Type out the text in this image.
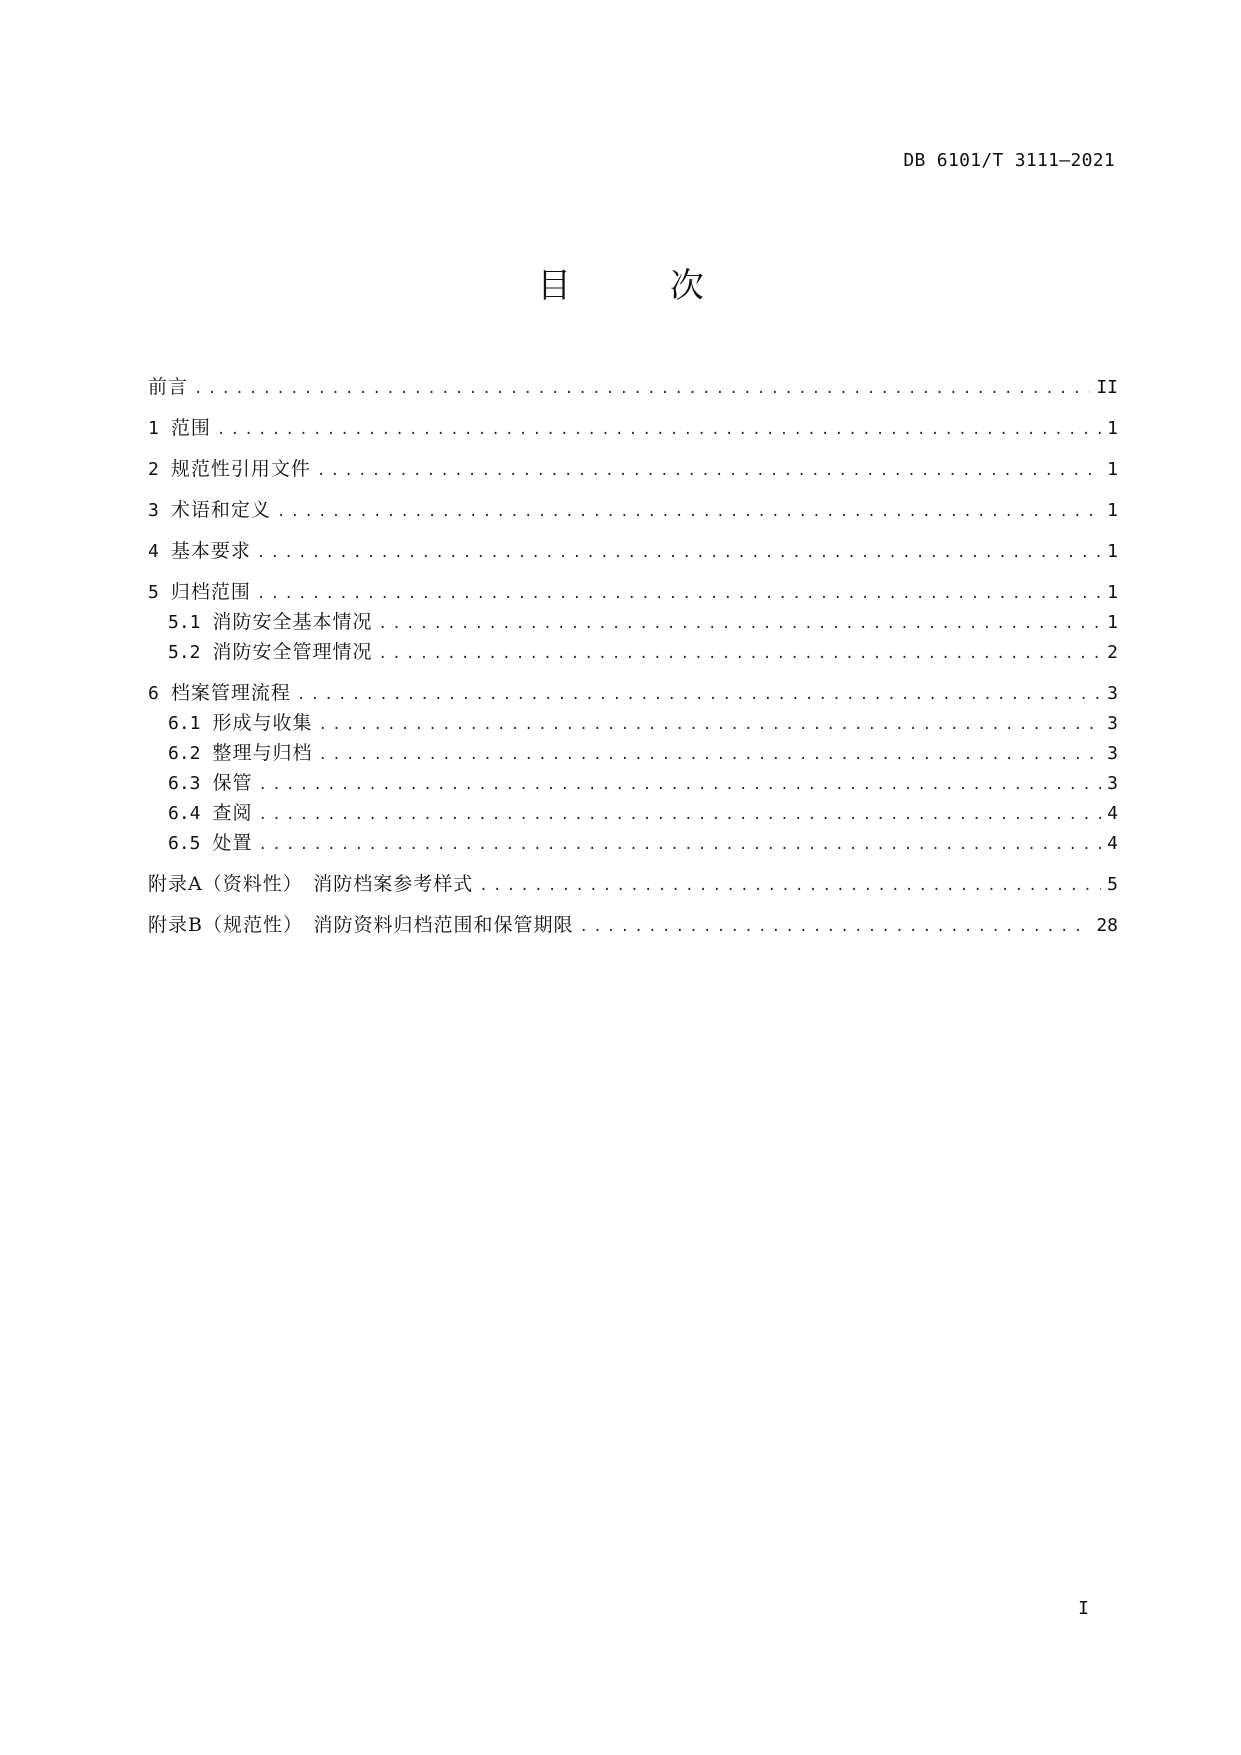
DB 6101/T 3111—2021
目 次
前言 .....	II
1 范围 .....	1
2 规范性引用文件 .....	1
3 术语和定义 .....	1
4 基本要求 .....	1
5 归档范围 .....	1
5.1 消防安全基本情况 .....	1
5.2 消防安全管理情况 .....	2
6 档案管理流程 .....	3
6.1 形成与收集 .....	3
6.2 整理与归档 .....	3
6.3 保管 .....	3
6.4 查阅 .....	4
6.5 处置 .....	4
附录A（资料性）　消防档案参考样式 .....	5
附录B（规范性）　消防资料归档范围和保管期限 .....	28
I
